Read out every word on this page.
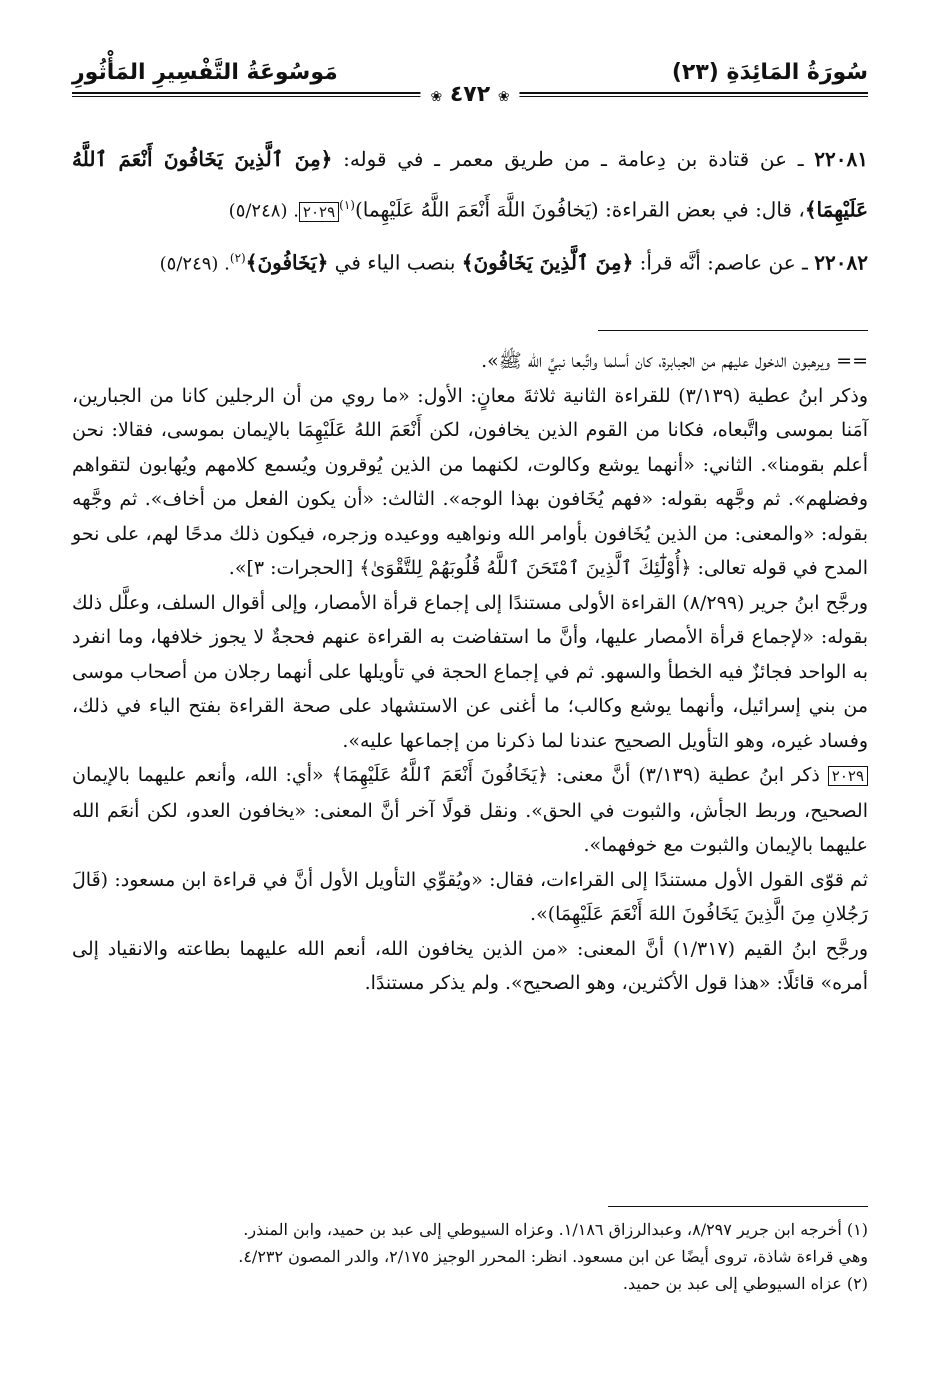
سُورَةُ المَائِدَةِ (٢٣)
مَوسُوعَةُ التَّفْسِيرِ المَأْثُورِ
❀ ٤٧٢ ❀

٢٢٠٨١ ـ عن قتادة بن دِعامة ـ من طريق معمر ـ في قوله: ﴿مِنَ ٱلَّذِينَ يَخَافُونَ أَنْعَمَ ٱللَّهُ عَلَيْهِمَا﴾، قال: في بعض القراءة: (يَخافُونَ اللَّهَ أَنْعَمَ اللَّهُ عَلَيْهِما)$^{(١)}$٢٠٢٩. (٥/٢٤٨)

٢٢٠٨٢ ـ عن عاصم: أنَّه قرأ: ﴿مِنَ ٱلَّذِينَ يَخَافُونَ﴾ بنصب الياء في ﴿يَخَافُونَ﴾$^{(٢)}$. (٥/٢٤٩)

== ويرهبون الدخول عليهم من الجبابرة، كان أسلما واتَّبعا نبيَّ الله ﷺ».

وذكر ابنُ عطية (٣/١٣٩) للقراءة الثانية ثلاثةَ معانٍ: الأول: «ما روي من أن الرجلين كانا من الجبارين، آمَنا بموسى واتَّبعاه، فكانا من القوم الذين يخافون، لكن أَنْعَمَ اللهُ عَلَيْهِمَا بالإيمان بموسى، فقالا: نحن أعلم بقومنا». الثاني: «أنهما يوشع وكالوت، لكنهما من الذين يُوقرون ويُسمع كلامهم ويُهابون لتقواهم وفضلهم». ثم وجَّهه بقوله: «فهم يُخَافون بهذا الوجه». الثالث: «أن يكون الفعل من أخاف». ثم وجَّهه بقوله: «والمعنى: من الذين يُخَافون بأوامر الله ونواهيه ووعيده وزجره، فيكون ذلك مدحًا لهم، على نحو المدح في قوله تعالى: ﴿أُوْلَٰٓئِكَ ٱلَّذِينَ ٱمْتَحَنَ ٱللَّهُ قُلُوبَهُمْ لِلتَّقْوَىٰ﴾ [الحجرات: ٣]».

ورجَّح ابنُ جرير (٨/٢٩٩) القراءة الأولى مستندًا إلى إجماع قرأة الأمصار، وإلى أقوال السلف، وعلَّل ذلك بقوله: «لإجماع قرأة الأمصار عليها، وأنَّ ما استفاضت به القراءة عنهم فحجةٌ لا يجوز خلافها، وما انفرد به الواحد فجائزٌ فيه الخطأ والسهو. ثم في إجماع الحجة في تأويلها على أنهما رجلان من أصحاب موسى من بني إسرائيل، وأنهما يوشع وكالب؛ ما أغنى عن الاستشهاد على صحة القراءة بفتح الياء في ذلك، وفساد غيره، وهو التأويل الصحيح عندنا لما ذكرنا من إجماعها عليه».

٢٠٢٩ ذكر ابنُ عطية (٣/١٣٩) أنَّ معنى: ﴿يَخَافُونَ أَنْعَمَ ٱللَّهُ عَلَيْهِمَا﴾ «أي: الله، وأنعم عليهما بالإيمان الصحيح، وربط الجأش، والثبوت في الحق». ونقل قولًا آخر أنَّ المعنى: «يخافون العدو، لكن أنعَم الله عليهما بالإيمان والثبوت مع خوفهما».

ثم قوّى القول الأول مستندًا إلى القراءات، فقال: «ويُقوِّي التأويل الأول أنَّ في قراءة ابن مسعود: (قَالَ رَجُلانِ مِنَ الَّذِينَ يَخَافُونَ اللهَ أَنْعَمَ عَلَيْهِمَا)».

ورجَّح ابنُ القيم (١/٣١٧) أنَّ المعنى: «من الذين يخافون الله، أنعم الله عليهما بطاعته والانقياد إلى أمره» قائلًا: «هذا قول الأكثرين، وهو الصحيح». ولم يذكر مستندًا.

(١) أخرجه ابن جرير ٨/٢٩٧، وعبدالرزاق ١/١٨٦. وعزاه السيوطي إلى عبد بن حميد، وابن المنذر.

وهي قراءة شاذة، تروى أيضًا عن ابن مسعود. انظر: المحرر الوجيز ٢/١٧٥، والدر المصون ٤/٢٣٢.

(٢) عزاه السيوطي إلى عبد بن حميد.
